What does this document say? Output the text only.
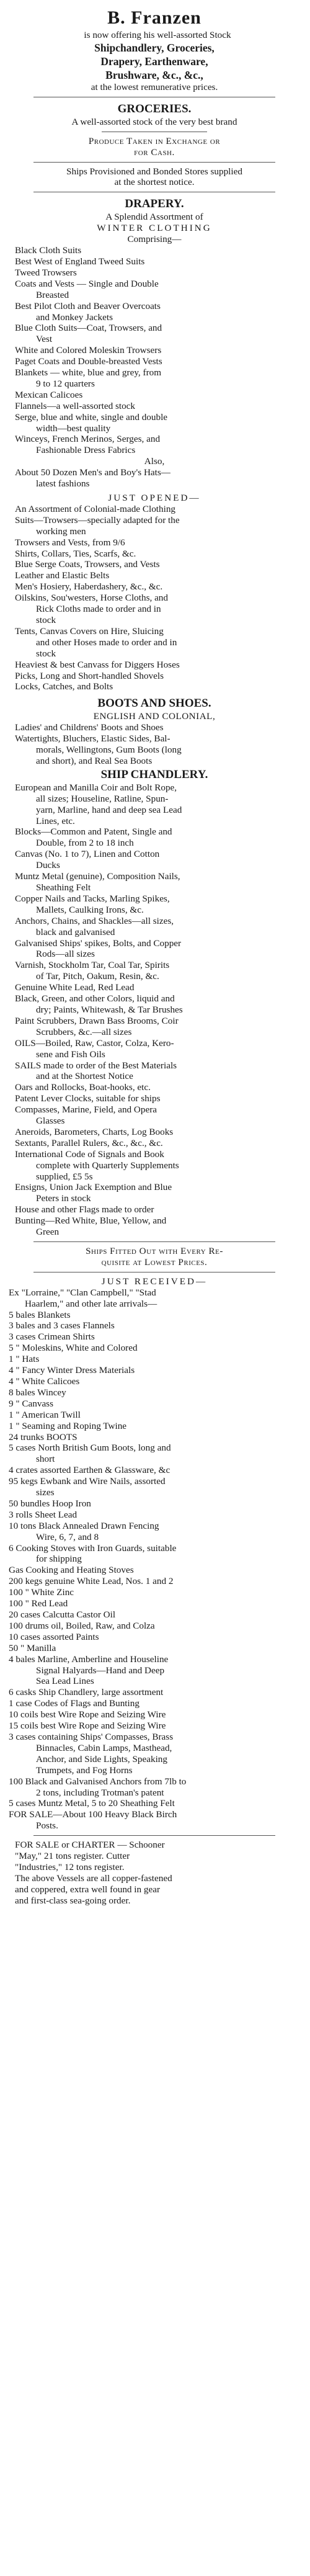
B. Franzen
is now offering his well-assorted Stock
Shipchandlery, Groceries,
Drapery, Earthenware,
Brushware, &c., &c.,
at the lowest remunerative prices.
GROCERIES.
A well-assorted stock of the very best brand
Produce Taken in Exchange or
for Cash.
Ships Provisioned and Bonded Stores supplied
at the shortest notice.
DRAPERY.
A Splendid Assortment of
WINTER CLOTHING
Comprising—
Black Cloth Suits
Best West of England Tweed Suits
Tweed Trowsers
Coats and Vests — Single and Double
Breasted
Best Pilot Cloth and Beaver Overcoats
and Monkey Jackets
Blue Cloth Suits—Coat, Trowsers, and
Vest
White and Colored Moleskin Trowsers
Paget Coats and Double-breasted Vests
Blankets — white, blue and grey, from
9 to 12 quarters
Mexican Calicoes
Flannels—a well-assorted stock
Serge, blue and white, single and double
width—best quality
Winceys, French Merinos, Serges, and
Fashionable Dress Fabrics
Also,
About 50 Dozen Men's and Boy's Hats—
latest fashions
JUST OPENED—
An Assortment of Colonial-made Clothing
Suits—Trowsers—specially adapted for the
working men
Trowsers and Vests, from 9/6
Shirts, Collars, Ties, Scarfs, &c.
Blue Serge Coats, Trowsers, and Vests
Leather and Elastic Belts
Men's Hosiery, Haberdashery, &c., &c.
Oilskins, Sou'westers, Horse Cloths, and
Rick Cloths made to order and in
stock
Tents, Canvas Covers on Hire, Sluicing
and other Hoses made to order and in
stock
Heaviest & best Canvass for Diggers Hoses
Picks, Long and Short-handled Shovels
Locks, Catches, and Bolts
BOOTS AND SHOES.
ENGLISH AND COLONIAL,
Ladies' and Childrens' Boots and Shoes
Watertights, Bluchers, Elastic Sides, Bal-
morals, Wellingtons, Gum Boots (long
and short), and Real Sea Boots
SHIP CHANDLERY.
European and Manilla Coir and Bolt Rope,
all sizes; Houseline, Ratline, Spun-
yarn, Marline, hand and deep sea Lead
Lines, etc.
Blocks—Common and Patent, Single and
Double, from 2 to 18 inch
Canvas (No. 1 to 7), Linen and Cotton
Ducks
Muntz Metal (genuine), Composition Nails,
Sheathing Felt
Copper Nails and Tacks, Marling Spikes,
Mallets, Caulking Irons, &c.
Anchors, Chains, and Shackles—all sizes,
black and galvanised
Galvanised Ships' spikes, Bolts, and Copper
Rods—all sizes
Varnish, Stockholm Tar, Coal Tar, Spirits
of Tar, Pitch, Oakum, Resin, &c.
Genuine White Lead, Red Lead
Black, Green, and other Colors, liquid and
dry; Paints, Whitewash, & Tar Brushes
Paint Scrubbers, Drawn Bass Brooms, Coir
Scrubbers, &c.—all sizes
OILS—Boiled, Raw, Castor, Colza, Kero-
sene and Fish Oils
SAILS made to order of the Best Materials
and at the Shortest Notice
Oars and Rollocks, Boat-hooks, etc.
Patent Lever Clocks, suitable for ships
Compasses, Marine, Field, and Opera
Glasses
Aneroids, Barometers, Charts, Log Books
Sextants, Parallel Rulers, &c., &c., &c.
International Code of Signals and Book
complete with Quarterly Supplements
supplied, £5 5s
Ensigns, Union Jack Exemption and Blue
Peters in stock
House and other Flags made to order
Bunting—Red White, Blue, Yellow, and
Green
Ships Fitted Out with Every Re-
quisite at Lowest Prices.
JUST RECEIVED—
Ex "Lorraine," "Clan Campbell," "Stad
Haarlem," and other late arrivals—
5 bales Blankets
3 bales and 3 cases Flannels
3 cases Crimean Shirts
5 " Moleskins, White and Colored
1 " Hats
4 " Fancy Winter Dress Materials
4 " White Calicoes
8 bales Wincey
9 " Canvass
1 " American Twill
1 " Seaming and Roping Twine
24 trunks BOOTS
5 cases North British Gum Boots, long and
short
4 crates assorted Earthen & Glassware, &c
95 kegs Ewbank and Wire Nails, assorted
sizes
50 bundles Hoop Iron
3 rolls Sheet Lead
10 tons Black Annealed Drawn Fencing
Wire, 6, 7, and 8
6 Cooking Stoves with Iron Guards, suitable
for shipping
Gas Cooking and Heating Stoves
200 kegs genuine White Lead, Nos. 1 and 2
100 " White Zinc
100 " Red Lead
20 cases Calcutta Castor Oil
100 drums oil, Boiled, Raw, and Colza
10 cases assorted Paints
50 " Manilla
4 bales Marline, Amberline and Houseline
Signal Halyards—Hand and Deep
Sea Lead Lines
6 casks Ship Chandlery, large assortment
1 case Codes of Flags and Bunting
10 coils best Wire Rope and Seizing Wire
15 coils best Wire Rope and Seizing Wire
3 cases containing Ships' Compasses, Brass
Binnacles, Cabin Lamps, Masthead,
Anchor, and Side Lights, Speaking
Trumpets, and Fog Horns
100 Black and Galvanised Anchors from 7lb to
2 tons, including Trotman's patent
5 cases Muntz Metal, 5 to 20 Sheathing Felt
FOR SALE—About 100 Heavy Black Birch
Posts.
FOR SALE or CHARTER — Schooner
"May," 21 tons register. Cutter
"Industries," 12 tons register.
The above Vessels are all copper-fastened
and coppered, extra well found in gear
and first-class sea-going order.
